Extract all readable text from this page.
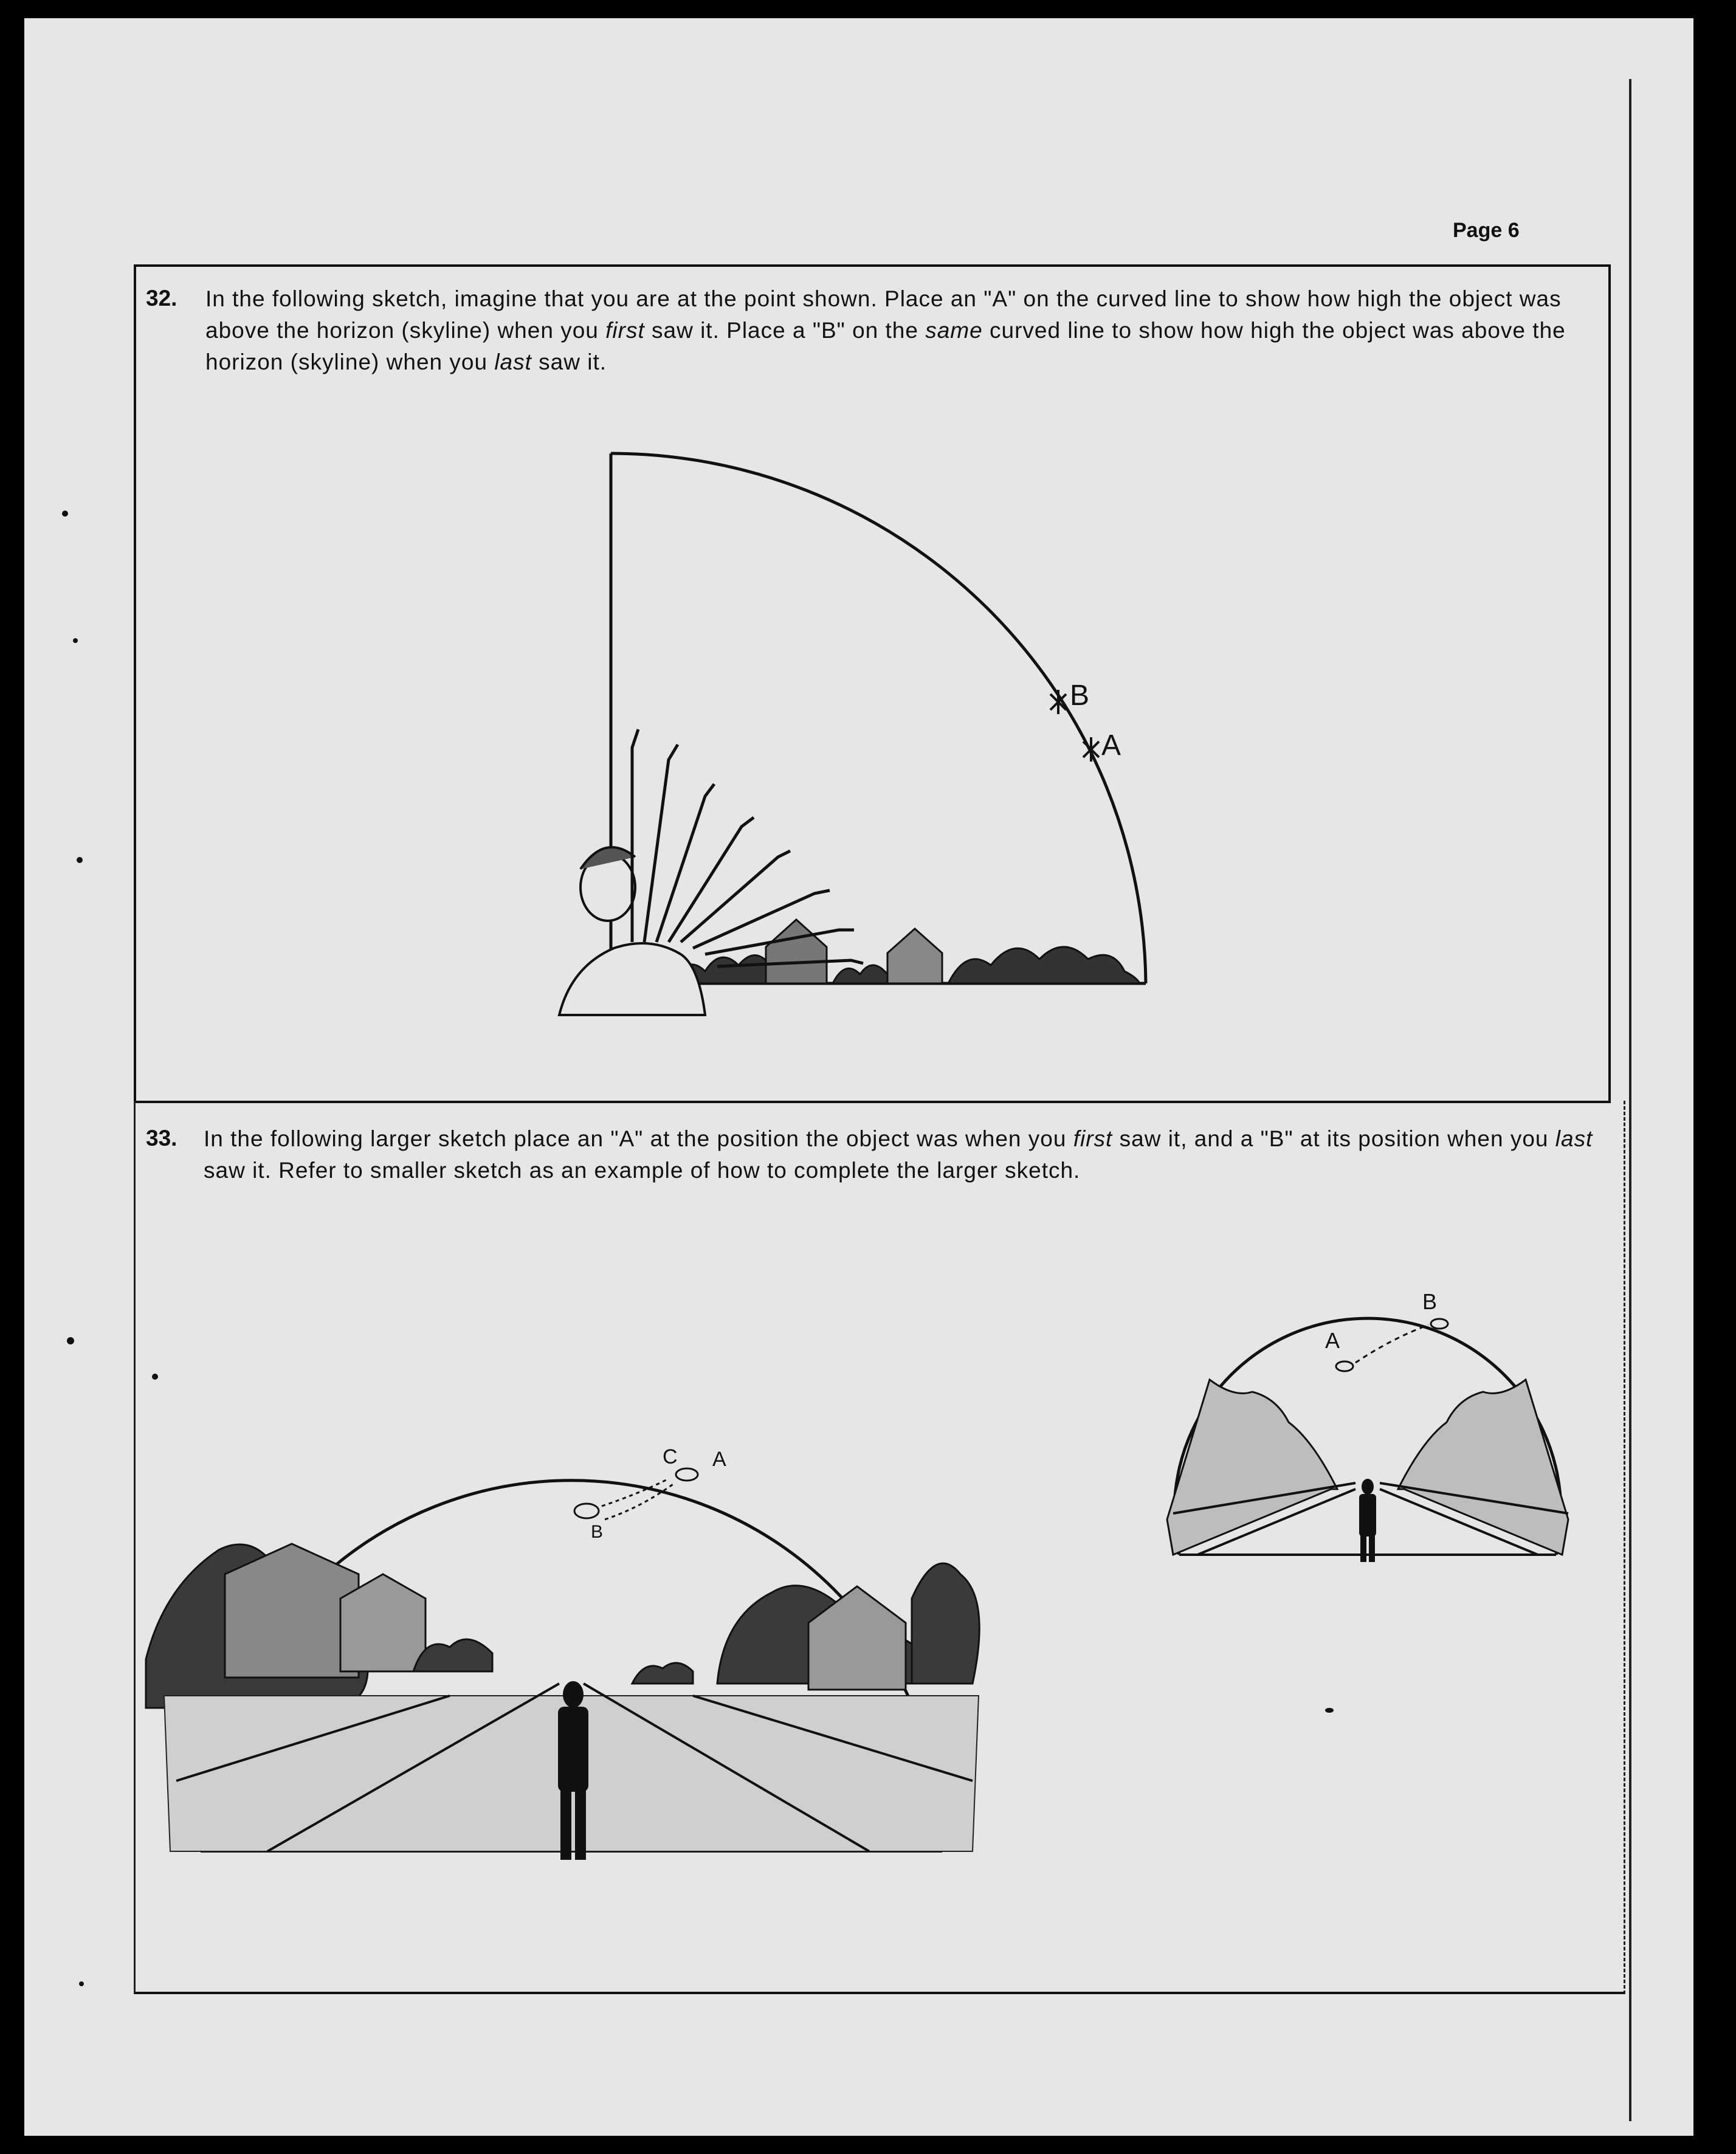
Page 6
32. In the following sketch, imagine that you are at the point shown. Place an "A" on the curved line to show how high the object was above the horizon (skyline) when you first saw it. Place a "B" on the same curved line to show how high the object was above the horizon (skyline) when you last saw it.
B
A
33. In the following larger sketch place an "A" at the position the object was when you first saw it, and a "B" at its position when you last saw it. Refer to smaller sketch as an example of how to complete the larger sketch.
C A
B
A
B
